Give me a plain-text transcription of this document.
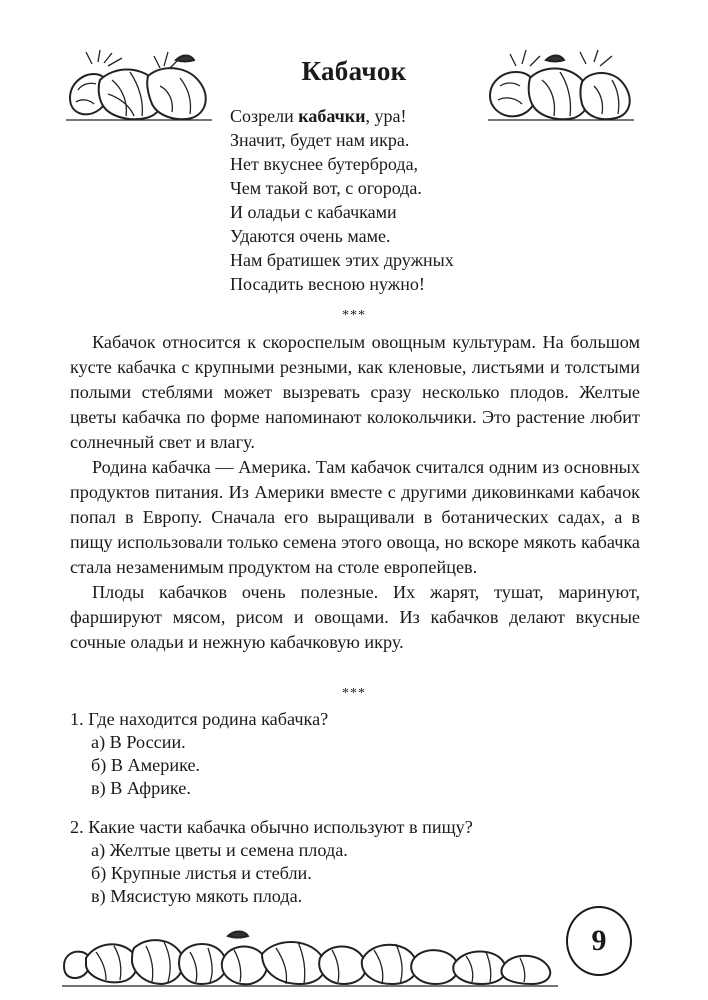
Кабачок
Созрели кабачки, ура!
Значит, будет нам икра.
Нет вкуснее бутерброда,
Чем такой вот, с огорода.
И оладьи с кабачками
Удаются очень маме.
Нам братишек этих дружных
Посадить весною нужно!
***

Кабачок относится к скороспелым овощным культурам. На большом кусте кабачка с крупными резными, как кленовые, листьями и толстыми полыми стеблями может вызревать сразу несколько плодов. Желтые цветы кабачка по форме напоминают колокольчики. Это растение любит солнечный свет и влагу.

Родина кабачка — Америка. Там кабачок считался одним из основных продуктов питания. Из Америки вместе с другими диковинками кабачок попал в Европу. Сначала его выращивали в ботанических садах, а в пищу использовали только семена этого овоща, но вскоре мякоть кабачка стала незаменимым продуктом на столе европейцев.

Плоды кабачков очень полезные. Их жарят, тушат, маринуют, фаршируют мясом, рисом и овощами. Из кабачков делают вкусные сочные оладьи и нежную кабачковую икру.

***
1. Где находится родина кабачка?
а) В России.
б) В Америке.
в) В Африке.
2. Какие части кабачка обычно используют в пищу?
а) Желтые цветы и семена плода.
б) Крупные листья и стебли.
в) Мясистую мякоть плода.
9
